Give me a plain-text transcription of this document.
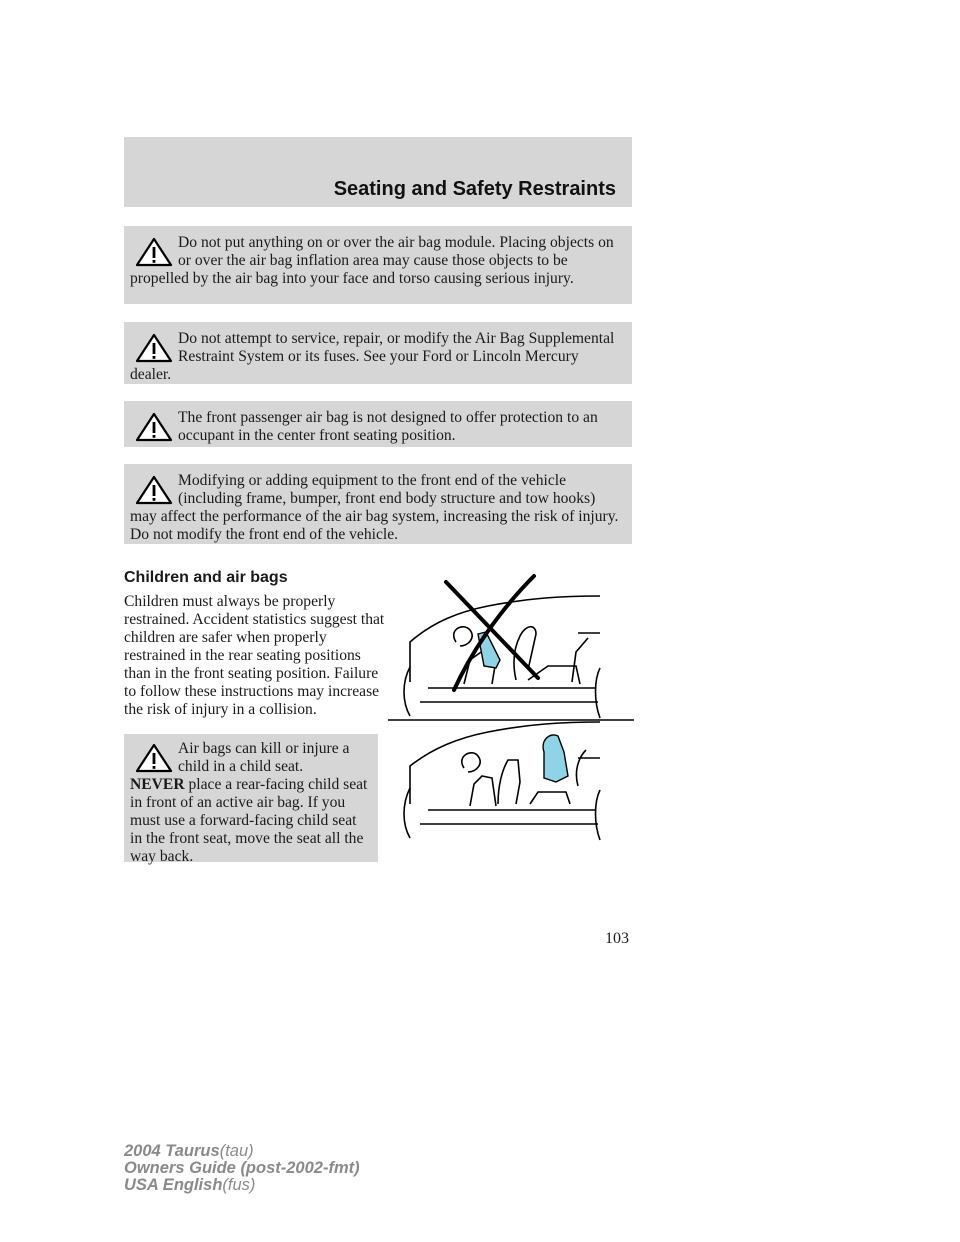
Seating and Safety Restraints
Do not put anything on or over the air bag module. Placing objects on or over the air bag inflation area may cause those objects to be propelled by the air bag into your face and torso causing serious injury.
Do not attempt to service, repair, or modify the Air Bag Supplemental Restraint System or its fuses. See your Ford or Lincoln Mercury dealer.
The front passenger air bag is not designed to offer protection to an occupant in the center front seating position.
Modifying or adding equipment to the front end of the vehicle (including frame, bumper, front end body structure and tow hooks) may affect the performance of the air bag system, increasing the risk of injury. Do not modify the front end of the vehicle.
Children and air bags
Children must always be properly restrained. Accident statistics suggest that children are safer when properly restrained in the rear seating positions than in the front seating position. Failure to follow these instructions may increase the risk of injury in a collision.
Air bags can kill or injure a child in a child seat.
NEVER place a rear-facing child seat in front of an active air bag. If you must use a forward-facing child seat in the front seat, move the seat all the way back.
103
2004 Taurus(tau)
Owners Guide (post-2002-fmt)
USA English(fus)
